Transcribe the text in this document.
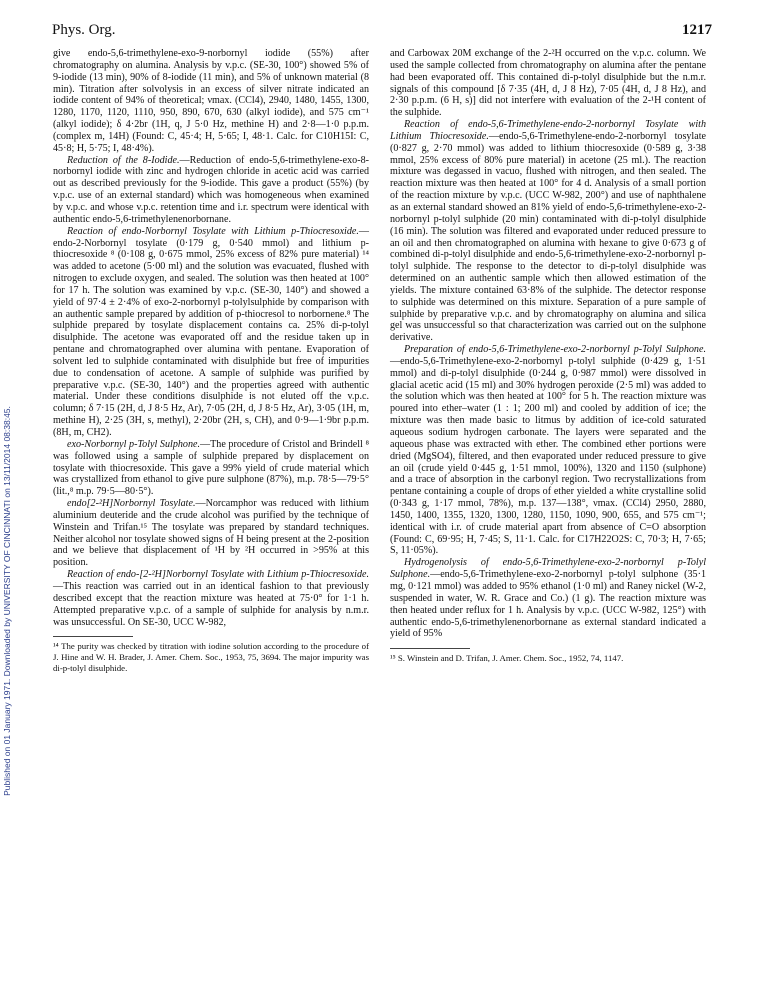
Phys. Org.	1217
Published on 01 January 1971. Downloaded by UNIVERSITY OF CINCINNATI on 13/11/2014 08:38:45.

give endo-5,6-trimethylene-exo-9-norbornyl iodide (55%) after chromatography on alumina. Analysis by v.p.c. (SE-30, 100°) showed 5% of 9-iodide (13 min), 90% of 8-iodide (11 min), and 5% of unknown material (8 min). Titration after solvolysis in an excess of silver nitrate indicated an iodide content of 94% of theoretical; νmax. (CCl4), 2940, 1480, 1455, 1300, 1280, 1170, 1120, 1110, 950, 890, 670, 630 (alkyl iodide), and 575 cm⁻¹ (alkyl iodide); δ 4·2br (1H, q, J 5·0 Hz, methine H) and 2·8—1·0 p.p.m. (complex m, 14H) (Found: C, 45·4; H, 5·65; I, 48·1. Calc. for C10H15I: C, 45·8; H, 5·75; I, 48·4%).

Reduction of the 8-Iodide.—Reduction of endo-5,6-trimethylene-exo-8-norbornyl iodide with zinc and hydrogen chloride in acetic acid was carried out as described previously for the 9-iodide. This gave a product (55%) (by v.p.c. use of an external standard) which was homogeneous when examined by v.p.c. and whose v.p.c. retention time and i.r. spectrum were identical with authentic endo-5,6-trimethylenenorbornane.

Reaction of endo-Norbornyl Tosylate with Lithium p-Thiocresoxide.—endo-2-Norbornyl tosylate (0·179 g, 0·540 mmol) and lithium p-thiocresoxide ⁸ (0·108 g, 0·675 mmol, 25% excess of 82% pure material) ¹⁴ was added to acetone (5·00 ml) and the solution was evacuated, flushed with nitrogen to exclude oxygen, and sealed. The solution was then heated at 100° for 17 h. The solution was examined by v.p.c. (SE-30, 140°) and showed a yield of 97·4 ± 2·4% of exo-2-norbornyl p-tolylsulphide by comparison with an authentic sample prepared by addition of p-thiocresol to norbornene.⁸ The sulphide prepared by tosylate displacement contains ca. 25% di-p-tolyl disulphide. The acetone was evaporated off and the residue taken up in pentane and chromatographed over alumina with pentane. Evaporation of solvent led to sulphide contaminated with disulphide but free of impurities due to condensation of acetone. A sample of sulphide was purified by preparative v.p.c. (SE-30, 140°) and the properties agreed with authentic material. Under these conditions disulphide is not eluted off the v.p.c. column; δ 7·15 (2H, d, J 8·5 Hz, Ar), 7·05 (2H, d, J 8·5 Hz, Ar), 3·05 (1H, m, methine H), 2·25 (3H, s, methyl), 2·20br (2H, s, CH), and 0·9—1·9br p.p.m. (8H, m, CH2).

exo-Norbornyl p-Tolyl Sulphone.—The procedure of Cristol and Brindell ⁸ was followed using a sample of sulphide prepared by displacement on tosylate with thiocresoxide. This gave a 99% yield of crude material which was crystallized from ethanol to give pure sulphone (87%), m.p. 78·5—79·5° (lit.,⁸ m.p. 79·5—80·5°).

endo[2-²H]Norbornyl Tosylate.—Norcamphor was reduced with lithium aluminium deuteride and the crude alcohol was purified by the technique of Winstein and Trifan.¹⁵ The tosylate was prepared by standard techniques. Neither alcohol nor tosylate showed signs of H being present at the 2-position and we believe that displacement of ¹H by ²H occurred in >95% at this position.

Reaction of endo-[2-²H]Norbornyl Tosylate with Lithium p-Thiocresoxide.—This reaction was carried out in an identical fashion to that previously described except that the reaction mixture was heated at 75·0° for 1·1 h. Attempted preparative v.p.c. of a sample of sulphide for analysis by n.m.r. was unsuccessful. On SE-30, UCC W-982,

¹⁴ The purity was checked by titration with iodine solution according to the procedure of J. Hine and W. H. Brader, J. Amer. Chem. Soc., 1953, 75, 3694. The major impurity was di-p-tolyl disulphide.

and Carbowax 20M exchange of the 2-²H occurred on the v.p.c. column. We used the sample collected from chromatography on alumina after the pentane had been evaporated off. This contained di-p-tolyl disulphide but the n.m.r. signals of this compound [δ 7·35 (4H, d, J 8 Hz), 7·05 (4H, d, J 8 Hz), and 2·30 p.p.m. (6 H, s)] did not interfere with evaluation of the 2-¹H content of the sulphide.

Reaction of endo-5,6-Trimethylene-endo-2-norbornyl Tosylate with Lithium Thiocresoxide.—endo-5,6-Trimethylene-endo-2-norbornyl tosylate (0·827 g, 2·70 mmol) was added to lithium thiocresoxide (0·589 g, 3·38 mmol, 25% excess of 80% pure material) in acetone (25 ml.). The reaction mixture was degassed in vacuo, flushed with nitrogen, and then sealed. The reaction mixture was then heated at 100° for 4 d. Analysis of a small portion of the reaction mixture by v.p.c. (UCC W-982, 200°) and use of naphthalene as an external standard showed an 81% yield of endo-5,6-trimethylene-exo-2-norbornyl p-tolyl sulphide (20 min) contaminated with di-p-tolyl disulphide (16 min). The solution was filtered and evaporated under reduced pressure to an oil and then chromatographed on alumina with hexane to give 0·673 g of combined di-p-tolyl disulphide and endo-5,6-trimethylene-exo-2-norbornyl p-tolyl sulphide. The response to the detector to di-p-tolyl disulphide was determined on an authentic sample which then allowed estimation of the yields. The mixture contained 63·8% of the sulphide. The detector response to sulphide was determined on this mixture. Separation of a pure sample of sulphide by preparative v.p.c. and by chromatography on alumina and silica gel was unsuccessful so that characterization was carried out on the sulphone derivative.

Preparation of endo-5,6-Trimethylene-exo-2-norbornyl p-Tolyl Sulphone.—endo-5,6-Trimethylene-exo-2-norbornyl p-tolyl sulphide (0·429 g, 1·51 mmol) and di-p-tolyl disulphide (0·244 g, 0·987 mmol) were dissolved in glacial acetic acid (15 ml) and 30% hydrogen peroxide (2·5 ml) was added to the solution which was then heated at 100° for 5 h. The reaction mixture was poured into ether–water (1 : 1; 200 ml) and cooled by addition of ice; the mixture was then made basic to litmus by addition of ice-cold saturated aqueous sodium hydrogen carbonate. The layers were separated and the aqueous phase was extracted with ether. The combined ether portions were dried (MgSO4), filtered, and then evaporated under reduced pressure to give an oil (crude yield 0·445 g, 1·51 mmol, 100%), 1320 and 1150 (sulphone) and a trace of absorption in the carbonyl region. Two recrystallizations from pentane containing a couple of drops of ether yielded a white crystalline solid (0·343 g, 1·17 mmol, 78%), m.p. 137—138°, νmax. (CCl4) 2950, 2880, 1450, 1400, 1355, 1320, 1300, 1280, 1150, 1090, 900, 655, and 575 cm⁻¹; identical with i.r. of crude material apart from absence of C=O absorption (Found: C, 69·95; H, 7·45; S, 11·1. Calc. for C17H22O2S: C, 70·3; H, 7·65; S, 11·05%).

Hydrogenolysis of endo-5,6-Trimethylene-exo-2-norbornyl p-Tolyl Sulphone.—endo-5,6-Trimethylene-exo-2-norbornyl p-tolyl sulphone (35·1 mg, 0·121 mmol) was added to 95% ethanol (1·0 ml) and Raney nickel (W-2, suspended in water, W. R. Grace and Co.) (1 g). The reaction mixture was then heated under reflux for 1 h. Analysis by v.p.c. (UCC W-982, 125°) with authentic endo-5,6-trimethylenenorbornane as external standard indicated a yield of 95%

¹⁵ S. Winstein and D. Trifan, J. Amer. Chem. Soc., 1952, 74, 1147.
